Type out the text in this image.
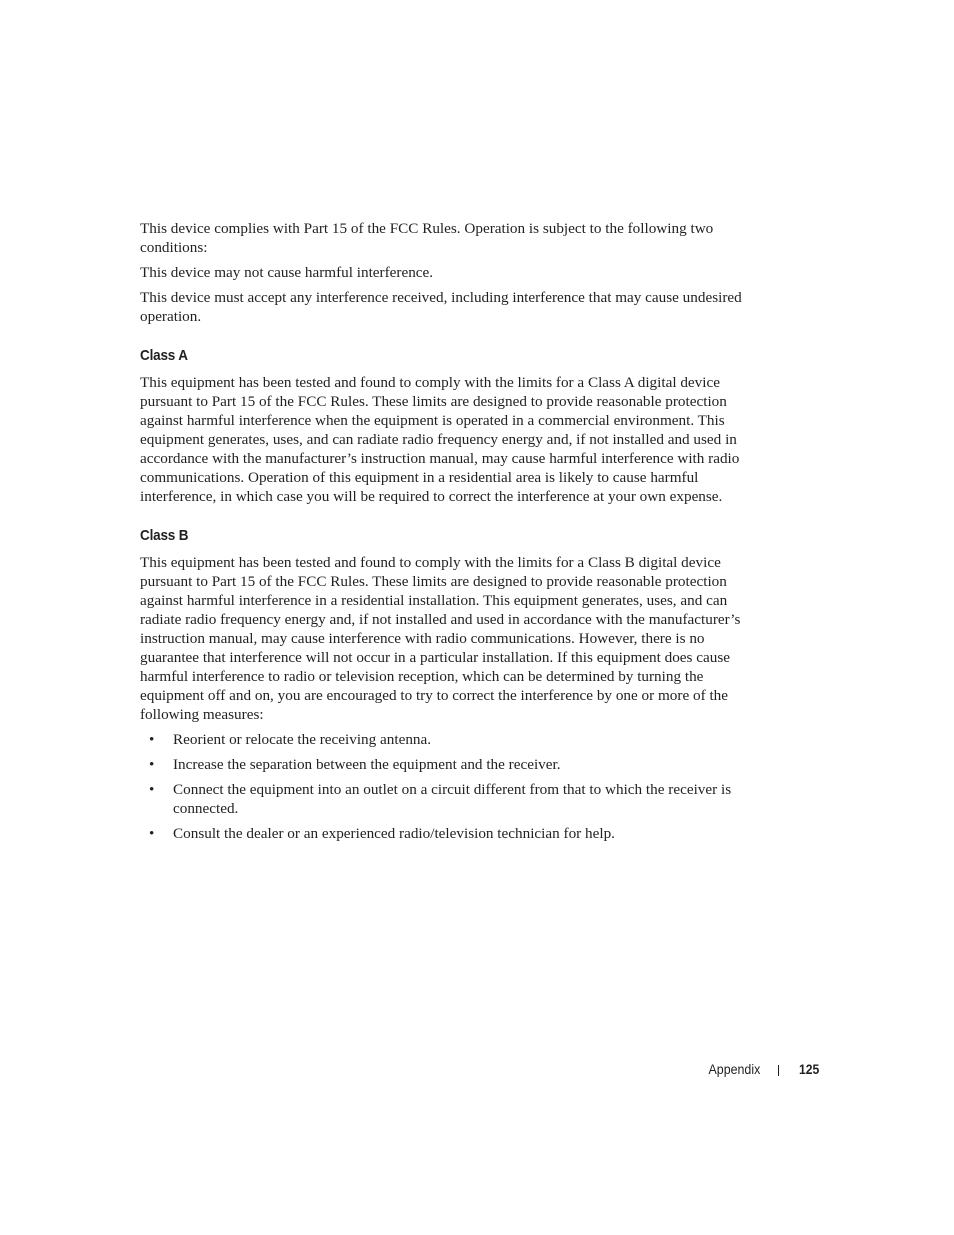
This device complies with Part 15 of the FCC Rules. Operation is subject to the following two conditions:

This device may not cause harmful interference.

This device must accept any interference received, including interference that may cause undesired operation.

Class A

This equipment has been tested and found to comply with the limits for a Class A digital device pursuant to Part 15 of the FCC Rules. These limits are designed to provide reasonable protection against harmful interference when the equipment is operated in a commercial environment. This equipment generates, uses, and can radiate radio frequency energy and, if not installed and used in accordance with the manufacturer’s instruction manual, may cause harmful interference with radio communications. Operation of this equipment in a residential area is likely to cause harmful interference, in which case you will be required to correct the interference at your own expense.

Class B

This equipment has been tested and found to comply with the limits for a Class B digital device pursuant to Part 15 of the FCC Rules. These limits are designed to provide reasonable protection against harmful interference in a residential installation. This equipment generates, uses, and can radiate radio frequency energy and, if not installed and used in accordance with the manufacturer’s instruction manual, may cause interference with radio communications. However, there is no guarantee that interference will not occur in a particular installation. If this equipment does cause harmful interference to radio or television reception, which can be determined by turning the equipment off and on, you are encouraged to try to correct the interference by one or more of the following measures:

• Reorient or relocate the receiving antenna.
• Increase the separation between the equipment and the receiver.
• Connect the equipment into an outlet on a circuit different from that to which the receiver is connected.
• Consult the dealer or an experienced radio/television technician for help.
Appendix	125
